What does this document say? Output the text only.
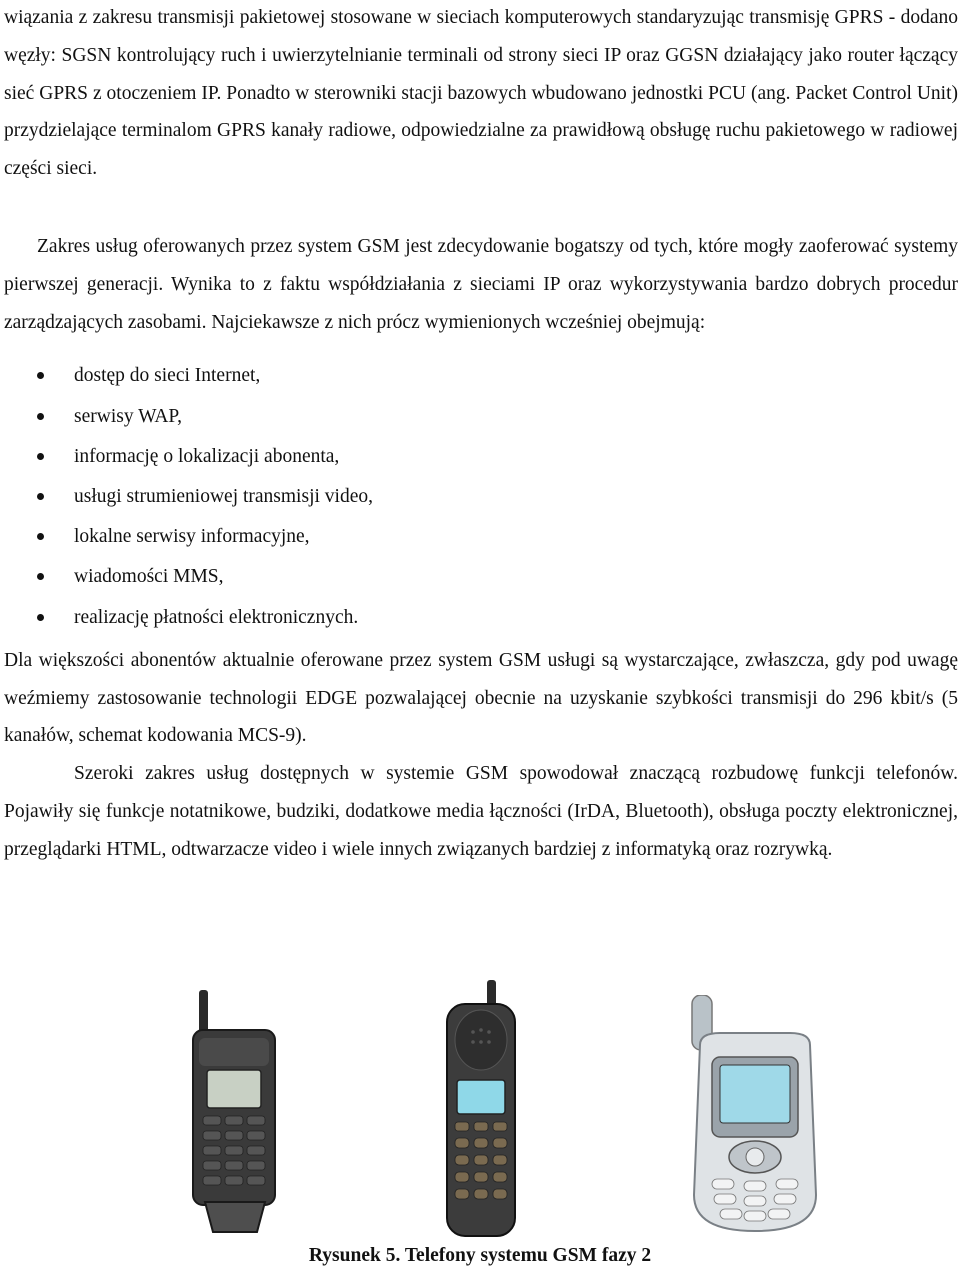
wiązania z zakresu transmisji pakietowej stosowane w sieciach komputerowych standaryzując transmisję GPRS - dodano węzły: SGSN kontrolujący ruch i uwierzytelnianie terminali od strony sieci IP oraz GGSN działający jako router łączący sieć GPRS z otoczeniem IP. Ponadto w sterowniki stacji bazowych wbudowano jednostki PCU (ang. Packet Control Unit) przydzielające terminalom GPRS kanały radiowe, odpowiedzialne za prawidłową obsługę ruchu pakietowego w radiowej części sieci.

Zakres usług oferowanych przez system GSM jest zdecydowanie bogatszy od tych, które mogły zaoferować systemy pierwszej generacji. Wynika to z faktu współdziałania z sieciami IP oraz wykorzystywania bardzo dobrych procedur zarządzających zasobami. Najciekawsze z nich prócz wymienionych wcześniej obejmują:

dostęp do sieci Internet,
serwisy WAP,
informację o lokalizacji abonenta,
usługi strumieniowej transmisji video,
lokalne serwisy informacyjne,
wiadomości MMS,
realizację płatności elektronicznych.

Dla większości abonentów aktualnie oferowane przez system GSM usługi są wystarczające, zwłaszcza, gdy pod uwagę weźmiemy zastosowanie technologii EDGE pozwalającej obecnie na uzyskanie szybkości transmisji do 296 kbit/s (5 kanałów, schemat kodowania MCS-9).

Szeroki zakres usług dostępnych w systemie GSM spowodował znaczącą rozbudowę funkcji telefonów. Pojawiły się funkcje notatnikowe, budziki, dodatkowe media łączności (IrDA, Bluetooth), obsługa poczty elektronicznej, przeglądarki HTML, odtwarzacze video i wiele innych związanych bardziej z informatyką oraz rozrywką.

Rysunek 5. Telefony systemu GSM fazy 2
